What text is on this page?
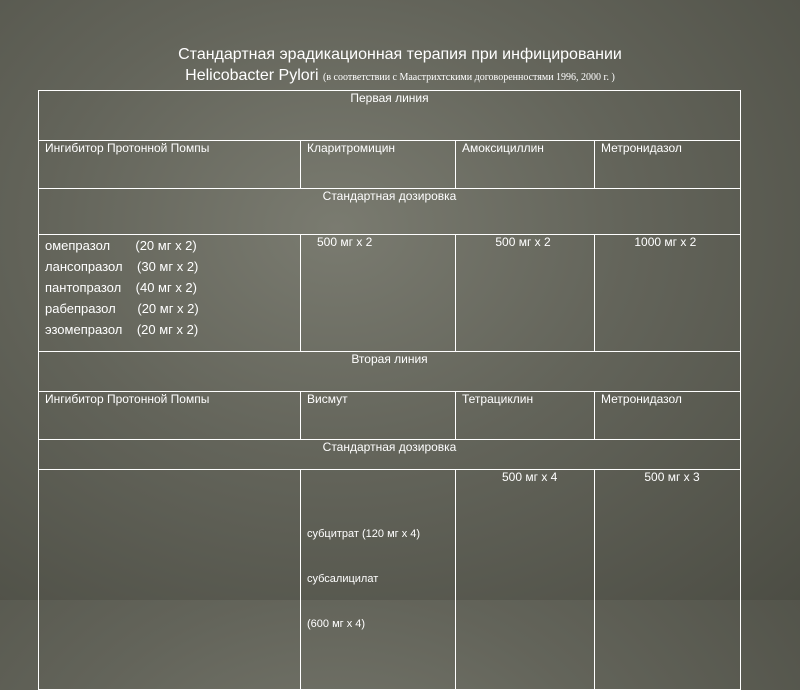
Стандартная эрадикационная терапия при инфицировании
Helicobacter Pylori (в соответствии с Маастрихтскими договоренностями 1996, 2000 г. )
Первая линия			
Ингибитор Протонной Помпы	Кларитромицин	Амоксициллин	Метронидазол
Стандартная дозировка			

омепразол       (20 мг х 2)
лансопразол    (30 мг х 2)
пантопразол    (40 мг х 2)
рабепразол      (20 мг х 2)
эзомепразол    (20 мг х 2)	500 мг х 2	500 мг х 2	1000 мг х 2
Вторая линия			
Ингибитор Протонной Помпы	Висмут	Тетрациклин	Метронидазол
Стандартная дозировка			

	субцитрат (120 мг х 4)

субсалицилат

(600 мг х 4)	500 мг х 4	500 мг х 3
